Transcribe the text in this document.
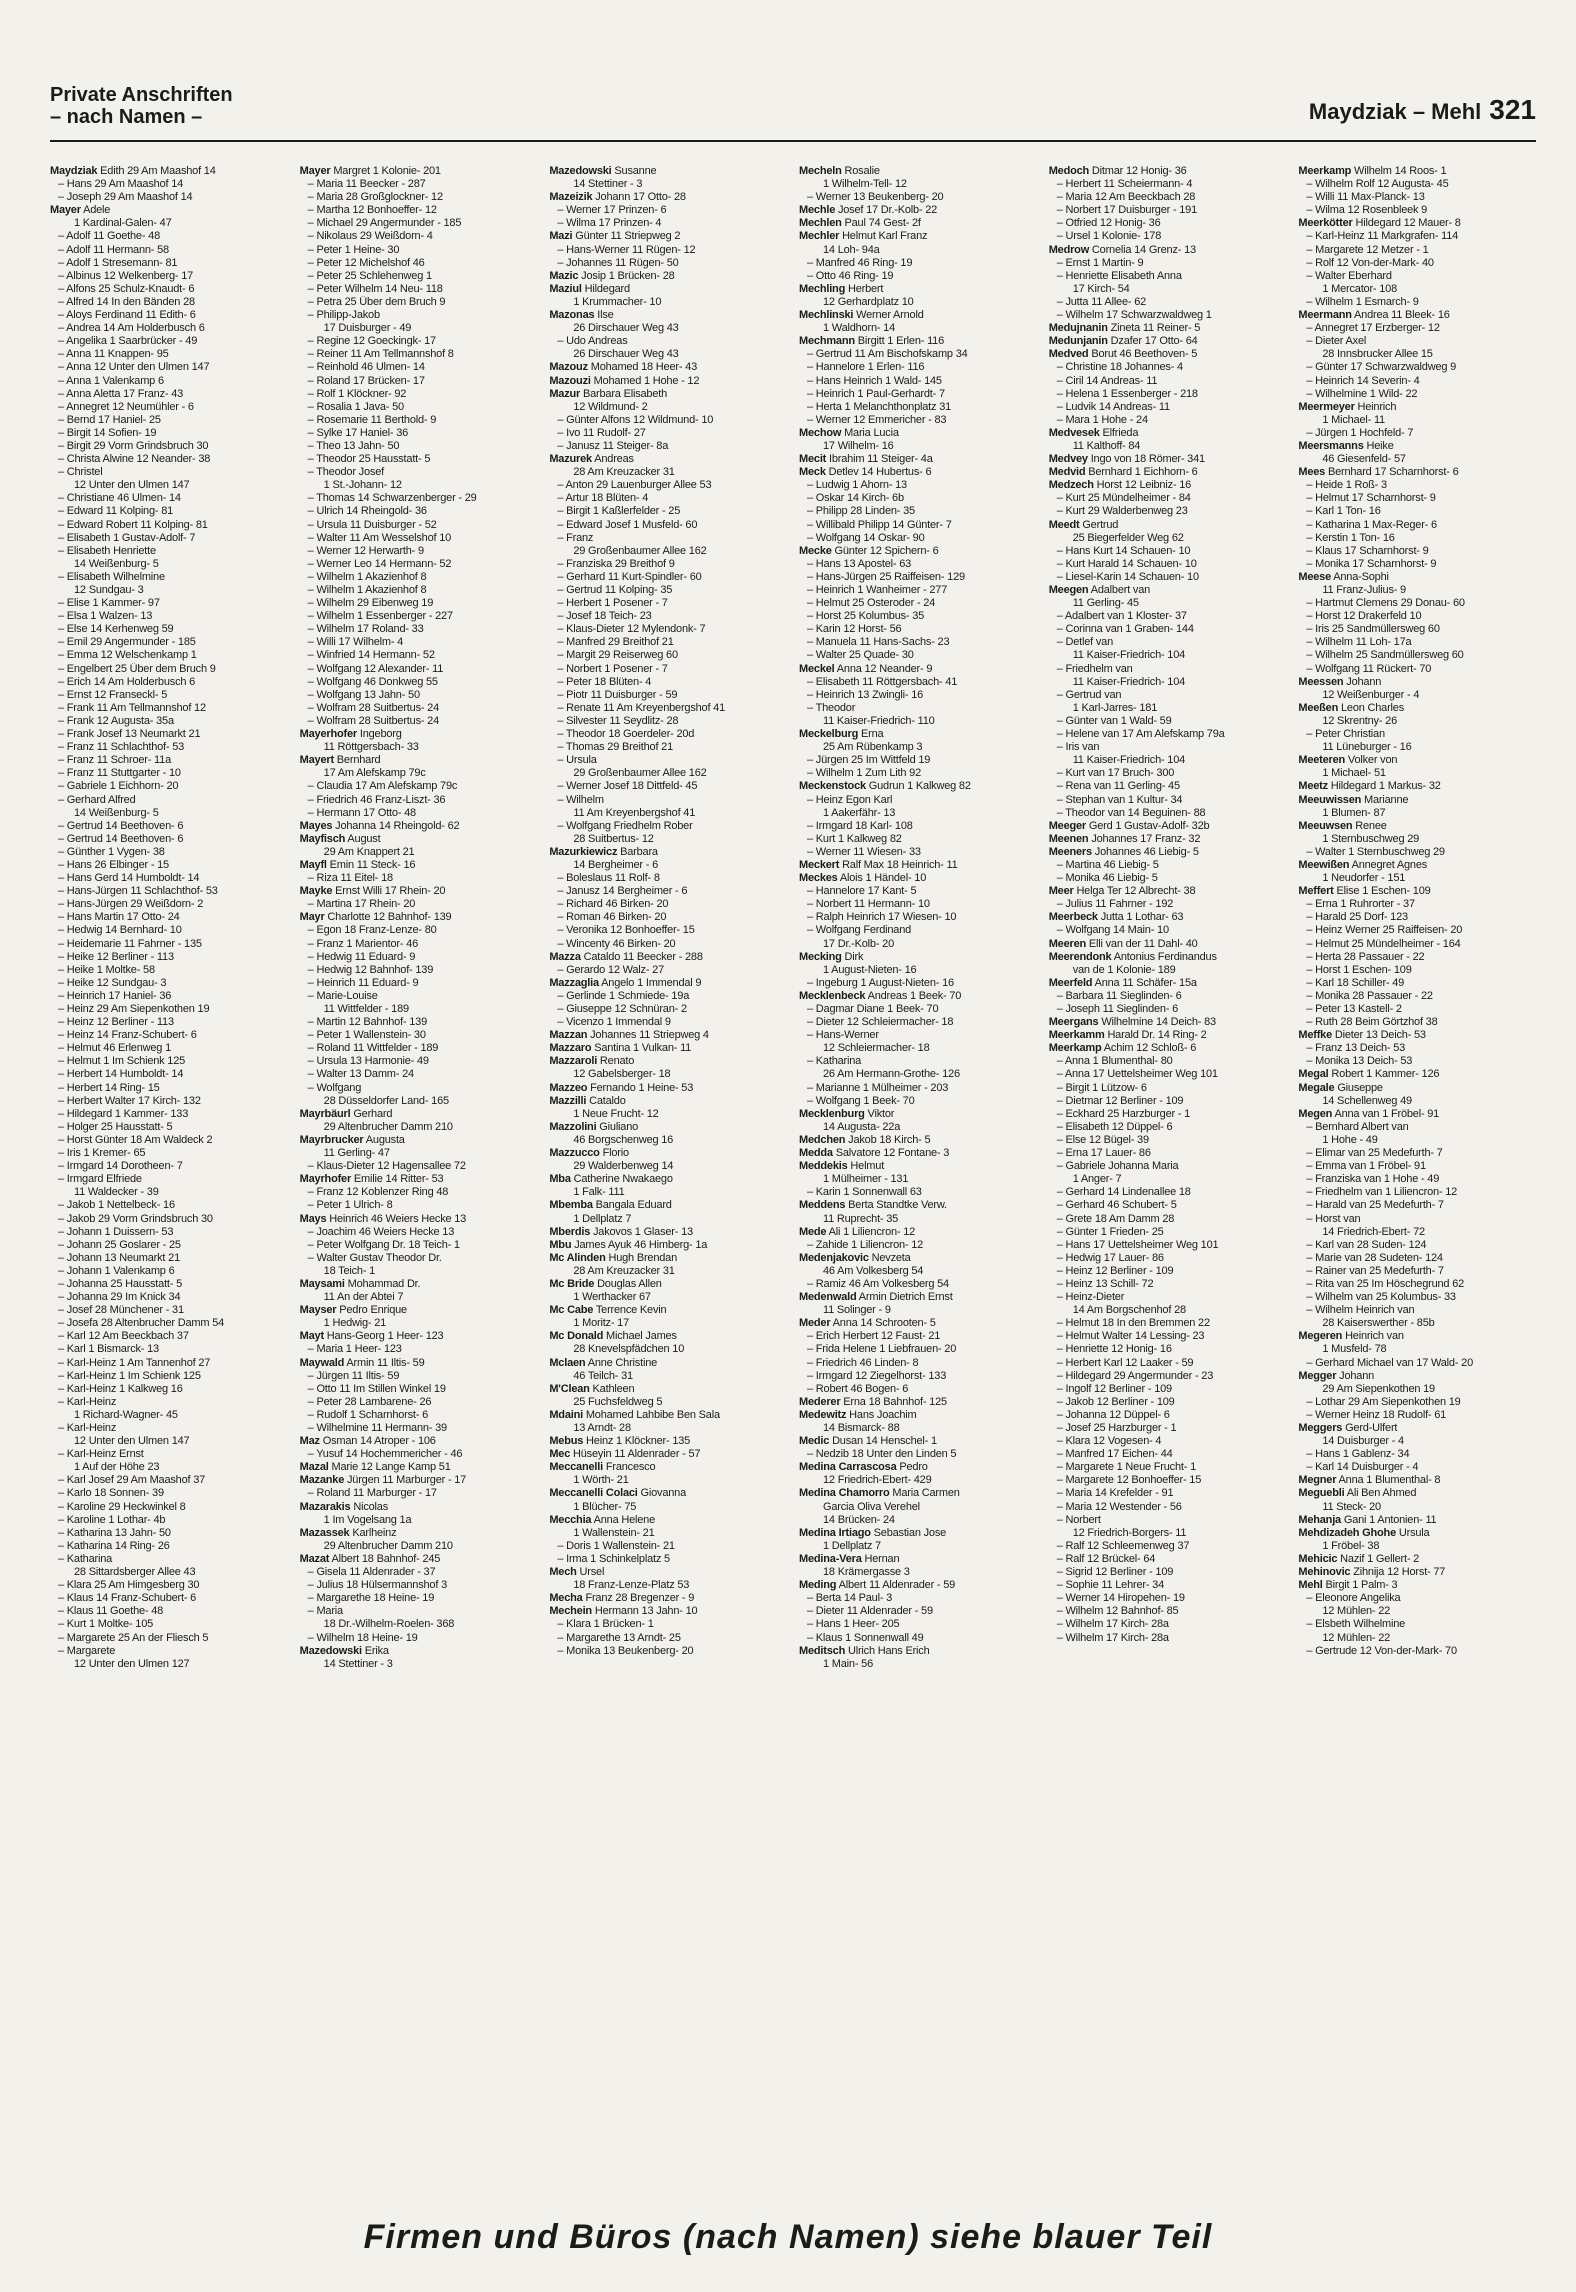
Private Anschriften
– nach Namen –	Maydziak – Mehl 321
Maydziak Edith 29 Am Maashof 14
– Hans 29 Am Maashof 14
– Joseph 29 Am Maashof 14
Mayer Adele
1 Kardinal-Galen- 47
– Adolf 11 Goethe- 48
– Adolf 11 Hermann- 58
– Adolf 1 Stresemann- 81
– Albinus 12 Welkenberg- 17
– Alfons 25 Schulz-Knaudt- 6
– Alfred 14 In den Bänden 28
– Aloys Ferdinand 11 Edith- 6
– Andrea 14 Am Holderbusch 6
– Angelika 1 Saarbrücker - 49
– Anna 11 Knappen- 95
– Anna 12 Unter den Ulmen 147
– Anna 1 Valenkamp 6
– Anna Aletta 17 Franz- 43
– Annegret 12 Neumühler - 6
– Bernd 17 Haniel- 25
– Birgit 14 Sofien- 19
– Birgit 29 Vorm Grindsbruch 30
– Christa Alwine 12 Neander- 38
– Christel
12 Unter den Ulmen 147
– Christiane 46 Ulmen- 14
– Edward 11 Kolping- 81
– Edward Robert 11 Kolping- 81
– Elisabeth 1 Gustav-Adolf- 7
– Elisabeth Henriette
14 Weißenburg- 5
– Elisabeth Wilhelmine
12 Sundgau- 3
– Elise 1 Kammer- 97
– Elsa 1 Walzen- 13
– Else 14 Kerhenweg 59
– Emil 29 Angermunder - 185
– Emma 12 Welschenkamp 1
– Engelbert 25 Über dem Bruch 9
– Erich 14 Am Holderbusch 6
– Ernst 12 Franseckl- 5
– Frank 11 Am Tellmannshof 12
– Frank 12 Augusta- 35a
– Frank Josef 13 Neumarkt 21
– Franz 11 Schlachthof- 53
– Franz 11 Schroer- 11a
– Franz 11 Stuttgarter - 10
– Gabriele 1 Eichhorn- 20
– Gerhard Alfred
14 Weißenburg- 5
– Gertrud 14 Beethoven- 6
– Gertrud 14 Beethoven- 6
– Günther 1 Vygen- 38
– Hans 26 Elbinger - 15
– Hans Gerd 14 Humboldt- 14
– Hans-Jürgen 11 Schlachthof- 53
– Hans-Jürgen 29 Weißdorn- 2
– Hans Martin 17 Otto- 24
– Hedwig 14 Bernhard- 10
– Heidemarie 11 Fahrner - 135
– Heike 12 Berliner - 113
– Heike 1 Moltke- 58
– Heike 12 Sundgau- 3
– Heinrich 17 Haniel- 36
– Heinz 29 Am Siepenkothen 19
– Heinz 12 Berliner - 113
– Heinz 14 Franz-Schubert- 6
– Helmut 46 Erlenweg 1
– Helmut 1 Im Schienk 125
– Herbert 14 Humboldt- 14
– Herbert 14 Ring- 15
– Herbert Walter 17 Kirch- 132
– Hildegard 1 Kammer- 133
– Holger 25 Hausstatt- 5
– Horst Günter 18 Am Waldeck 2
– Iris 1 Kremer- 65
– Irmgard 14 Dorotheen- 7
– Irmgard Elfriede
11 Waldecker - 39
– Jakob 1 Nettelbeck- 16
– Jakob 29 Vorm Grindsbruch 30
– Johann 1 Duissern- 53
– Johann 25 Goslarer - 25
– Johann 13 Neumarkt 21
– Johann 1 Valenkamp 6
– Johanna 25 Hausstatt- 5
– Johanna 29 Im Knick 34
– Josef 28 Münchener - 31
– Josefa 28 Altenbrucher Damm 54
– Karl 12 Am Beeckbach 37
– Karl 1 Bismarck- 13
– Karl-Heinz 1 Am Tannenhof 27
– Karl-Heinz 1 Im Schienk 125
– Karl-Heinz 1 Kalkweg 16
– Karl-Heinz
1 Richard-Wagner- 45
– Karl-Heinz
12 Unter den Ulmen 147
– Karl-Heinz Ernst
1 Auf der Höhe 23
– Karl Josef 29 Am Maashof 37
– Karlo 18 Sonnen- 39
– Karoline 29 Heckwinkel 8
– Karoline 1 Lothar- 4b
– Katharina 13 Jahn- 50
– Katharina 14 Ring- 26
– Katharina
28 Sittardsberger Allee 43
– Klara 25 Am Himgesberg 30
– Klaus 14 Franz-Schubert- 6
– Klaus 11 Goethe- 48
– Kurt 1 Moltke- 105
– Margarete 25 An der Fliesch 5
– Margarete
12 Unter den Ulmen 127
Mayer Margret 1 Kolonie- 201
– Maria 11 Beecker - 287
– Maria 28 Großglockner- 12
– Martha 12 Bonhoeffer- 12
– Michael 29 Angermunder - 185
– Nikolaus 29 Weißdorn- 4
– Peter 1 Heine- 30
– Peter 12 Michelshof 46
– Peter 25 Schlehenweg 1
– Peter Wilhelm 14 Neu- 118
– Petra 25 Über dem Bruch 9
– Philipp-Jakob
17 Duisburger - 49
– Regine 12 Goeckingk- 17
– Reiner 11 Am Tellmannshof 8
– Reinhold 46 Ulmen- 14
– Roland 17 Brücken- 17
– Rolf 1 Klöckner- 92
– Rosalia 1 Java- 50
– Rosemarie 11 Berthold- 9
– Sylke 17 Haniel- 36
– Theo 13 Jahn- 50
– Theodor 25 Hausstatt- 5
– Theodor Josef
1 St.-Johann- 12
– Thomas 14 Schwarzenberger - 29
– Ulrich 14 Rheingold- 36
– Ursula 11 Duisburger - 52
– Walter 11 Am Wesselshof 10
– Werner 12 Herwarth- 9
– Werner Leo 14 Hermann- 52
– Wilhelm 1 Akazienhof 8
– Wilhelm 1 Akazienhof 8
– Wilhelm 29 Eibenweg 19
– Wilhelm 1 Essenberger - 227
– Wilhelm 17 Roland- 33
– Willi 17 Wilhelm- 4
– Winfried 14 Hermann- 52
– Wolfgang 12 Alexander- 11
– Wolfgang 46 Donkweg 55
– Wolfgang 13 Jahn- 50
– Wolfram 28 Suitbertus- 24
– Wolfram 28 Suitbertus- 24
Mayerhofer Ingeborg
11 Röttgersbach- 33
Mayert Bernhard
17 Am Alefskamp 79c
– Claudia 17 Am Alefskamp 79c
– Friedrich 46 Franz-Liszt- 36
– Hermann 17 Otto- 48
Mayes Johanna 14 Rheingold- 62
Mayfisch August
29 Am Knappert 21
Mayfl Emin 11 Steck- 16
– Riza 11 Eitel- 18
Mayke Ernst Willi 17 Rhein- 20
– Martina 17 Rhein- 20
Mayr Charlotte 12 Bahnhof- 139
– Egon 18 Franz-Lenze- 80
– Franz 1 Marientor- 46
– Hedwig 11 Eduard- 9
– Hedwig 12 Bahnhof- 139
– Heinrich 11 Eduard- 9
– Marie-Louise
11 Wittfelder - 189
– Martin 12 Bahnhof- 139
– Peter 1 Wallenstein- 30
– Roland 11 Wittfelder - 189
– Ursula 13 Harmonie- 49
– Walter 13 Damm- 24
– Wolfgang
28 Düsseldorfer Land- 165
Mayrbäurl Gerhard
29 Altenbrucher Damm 210
Mayrbrucker Augusta
11 Gerling- 47
– Klaus-Dieter 12 Hagensallee 72
Mayrhofer Emilie 14 Ritter- 53
– Franz 12 Koblenzer Ring 48
– Peter 1 Ulrich- 8
Mays Heinrich 46 Weiers Hecke 13
– Joachim 46 Weiers Hecke 13
– Peter Wolfgang Dr. 18 Teich- 1
– Walter Gustav Theodor Dr.
18 Teich- 1
Maysami Mohammad Dr.
11 An der Abtei 7
Mayser Pedro Enrique
1 Hedwig- 21
Mayt Hans-Georg 1 Heer- 123
– Maria 1 Heer- 123
Maywald Armin 11 Iltis- 59
– Jürgen 11 Iltis- 59
– Otto 11 Im Stillen Winkel 19
– Peter 28 Lambarene- 26
– Rudolf 1 Scharnhorst- 6
– Wilhelmine 11 Hermann- 39
Maz Osman 14 Atroper - 106
– Yusuf 14 Hochemmericher - 46
Mazal Marie 12 Lange Kamp 51
Mazanke Jürgen 11 Marburger - 17
– Roland 11 Marburger - 17
Mazarakis Nicolas
1 Im Vogelsang 1a
Mazassek Karlheinz
29 Altenbrucher Damm 210
Mazat Albert 18 Bahnhof- 245
– Gisela 11 Aldenrader - 37
– Julius 18 Hülsermannshof 3
– Margarethe 18 Heine- 19
– Maria
18 Dr.-Wilhelm-Roelen- 368
– Wilhelm 18 Heine- 19
Mazedowski Erika
14 Stettiner - 3
Mazedowski Susanne
14 Stettiner - 3
Mazeizik Johann 17 Otto- 28
– Werner 17 Prinzen- 6
– Wilma 17 Prinzen- 4
Mazi Günter 11 Striepweg 2
– Hans-Werner 11 Rügen- 12
– Johannes 11 Rügen- 50
Mazic Josip 1 Brücken- 28
Maziul Hildegard
1 Krummacher- 10
Mazonas Ilse
26 Dirschauer Weg 43
– Udo Andreas
26 Dirschauer Weg 43
Mazouz Mohamed 18 Heer- 43
Mazouzi Mohamed 1 Hohe - 12
Mazur Barbara Elisabeth
12 Wildmund- 2
– Günter Alfons 12 Wildmund- 10
– Ivo 11 Rudolf- 27
– Janusz 11 Steiger- 8a
Mazurek Andreas
28 Am Kreuzacker 31
– Anton 29 Lauenburger Allee 53
– Artur 18 Blüten- 4
– Birgit 1 Kaßlerfelder - 25
– Edward Josef 1 Musfeld- 60
– Franz
29 Großenbaumer Allee 162
– Franziska 29 Breithof 9
– Gerhard 11 Kurt-Spindler- 60
– Gertrud 11 Kolping- 35
– Herbert 1 Posener - 7
– Josef 18 Teich- 23
– Klaus-Dieter 12 Mylendonk- 7
– Manfred 29 Breithof 21
– Margit 29 Reiserweg 60
– Norbert 1 Posener - 7
– Peter 18 Blüten- 4
– Piotr 11 Duisburger - 59
– Renate 11 Am Kreyenbergshof 41
– Silvester 11 Seydlitz- 28
– Theodor 18 Goerdeler- 20d
– Thomas 29 Breithof 21
– Ursula
29 Großenbaumer Allee 162
– Werner Josef 18 Dittfeld- 45
– Wilhelm
11 Am Kreyenbergshof 41
– Wolfgang Friedhelm Rober
28 Suitbertus- 12
Mazurkiewicz Barbara
14 Bergheimer - 6
– Boleslaus 11 Rolf- 8
– Janusz 14 Bergheimer - 6
– Richard 46 Birken- 20
– Roman 46 Birken- 20
– Veronika 12 Bonhoeffer- 15
– Wincenty 46 Birken- 20
Mazza Cataldo 11 Beecker - 288
– Gerardo 12 Walz- 27
Mazzaglia Angelo 1 Immendal 9
– Gerlinde 1 Schmiede- 19a
– Giuseppe 12 Schnüran- 2
– Vicenzo 1 Immendal 9
Mazzan Johannes 11 Striepweg 4
Mazzaro Santina 1 Vulkan- 11
Mazzaroli Renato
12 Gabelsberger- 18
Mazzeo Fernando 1 Heine- 53
Mazzilli Cataldo
1 Neue Frucht- 12
Mazzolini Giuliano
46 Borgschenweg 16
Mazzucco Florio
29 Walderbenweg 14
Mba Catherine Nwakaego
1 Falk- 111
Mbemba Bangala Eduard
1 Dellplatz 7
Mberdis Jakovos 1 Glaser- 13
Mbu James Ayuk 46 Himberg- 1a
Mc Alinden Hugh Brendan
28 Am Kreuzacker 31
Mc Bride Douglas Allen
1 Werthacker 67
Mc Cabe Terrence Kevin
1 Moritz- 17
Mc Donald Michael James
28 Knevelspfädchen 10
Mclaen Anne Christine
46 Teilch- 31
M'Clean Kathleen
25 Fuchsfeldweg 5
Mdaini Mohamed Lahbibe Ben Sala
13 Arndt- 28
Mebus Heinz 1 Klöckner- 135
Mec Hüseyin 11 Aldenrader - 57
Meccanelli Francesco
1 Wörth- 21
Meccanelli Colaci Giovanna
1 Blücher- 75
Mecchia Anna Helene
1 Wallenstein- 21
– Doris 1 Wallenstein- 21
– Irma 1 Schinkelplatz 5
Mech Ursel
18 Franz-Lenze-Platz 53
Mecha Franz 28 Bregenzer - 9
Mechein Hermann 13 Jahn- 10
– Klara 1 Brücken- 1
– Margarethe 13 Arndt- 25
– Monika 13 Beukenberg- 20
Mecheln Rosalie
1 Wilhelm-Tell- 12
– Werner 13 Beukenberg- 20
Mechle Josef 17 Dr.-Kolb- 22
Mechlen Paul 74 Gest- 2f
Mechler Helmut Karl Franz
14 Loh- 94a
– Manfred 46 Ring- 19
– Otto 46 Ring- 19
Mechling Herbert
12 Gerhardplatz 10
Mechlinski Werner Arnold
1 Waldhorn- 14
Mechmann Birgitt 1 Erlen- 116
– Gertrud 11 Am Bischofskamp 34
– Hannelore 1 Erlen- 116
– Hans Heinrich 1 Wald- 145
– Heinrich 1 Paul-Gerhardt- 7
– Herta 1 Melanchthonplatz 31
– Werner 12 Emmericher - 83
Mechow Maria Lucia
17 Wilhelm- 16
Mecit Ibrahim 11 Steiger- 4a
Meck Detlev 14 Hubertus- 6
– Ludwig 1 Ahorn- 13
– Oskar 14 Kirch- 6b
– Philipp 28 Linden- 35
– Willibald Philipp 14 Günter- 7
– Wolfgang 14 Oskar- 90
Mecke Günter 12 Spichern- 6
– Hans 13 Apostel- 63
– Hans-Jürgen 25 Raiffeisen- 129
– Heinrich 1 Wanheimer - 277
– Helmut 25 Osteroder - 24
– Horst 25 Kolumbus- 35
– Karin 12 Horst- 56
– Manuela 11 Hans-Sachs- 23
– Walter 25 Quade- 30
Meckel Anna 12 Neander- 9
– Elisabeth 11 Röttgersbach- 41
– Heinrich 13 Zwingli- 16
– Theodor
11 Kaiser-Friedrich- 110
Meckelburg Erna
25 Am Rübenkamp 3
– Jürgen 25 Im Wittfeld 19
– Wilhelm 1 Zum Lith 92
Meckenstock Gudrun 1 Kalkweg 82
– Heinz Egon Karl
1 Aakerfähr- 13
– Irmgard 18 Karl- 108
– Kurt 1 Kalkweg 82
– Werner 11 Wiesen- 33
Meckert Ralf Max 18 Heinrich- 11
Meckes Alois 1 Händel- 10
– Hannelore 17 Kant- 5
– Norbert 11 Hermann- 10
– Ralph Heinrich 17 Wiesen- 10
– Wolfgang Ferdinand
17 Dr.-Kolb- 20
Mecking Dirk
1 August-Nieten- 16
– Ingeburg 1 August-Nieten- 16
Mecklenbeck Andreas 1 Beek- 70
– Dagmar Diane 1 Beek- 70
– Dieter 12 Schleiermacher- 18
– Hans-Werner
12 Schleiermacher- 18
– Katharina
26 Am Hermann-Grothe- 126
– Marianne 1 Mülheimer - 203
– Wolfgang 1 Beek- 70
Mecklenburg Viktor
14 Augusta- 22a
Medchen Jakob 18 Kirch- 5
Medda Salvatore 12 Fontane- 3
Meddekis Helmut
1 Mülheimer - 131
– Karin 1 Sonnenwall 63
Meddens Berta Standtke Verw.
11 Ruprecht- 35
Mede Ali 1 Liliencron- 12
– Zahide 1 Liliencron- 12
Medenjakovic Nevzeta
46 Am Volkesberg 54
– Ramiz 46 Am Volkesberg 54
Medenwald Armin Dietrich Ernst
11 Solinger - 9
Meder Anna 14 Schrooten- 5
– Erich Herbert 12 Faust- 21
– Frida Helene 1 Liebfrauen- 20
– Friedrich 46 Linden- 8
– Irmgard 12 Ziegelhorst- 133
– Robert 46 Bogen- 6
Mederer Erna 18 Bahnhof- 125
Medewitz Hans Joachim
14 Bismarck- 88
Medic Dusan 14 Henschel- 1
– Nedzib 18 Unter den Linden 5
Medina Carrascosa Pedro
12 Friedrich-Ebert- 429
Medina Chamorro Maria Carmen
Garcia Oliva Verehel
14 Brücken- 24
Medina Irtiago Sebastian Jose
1 Dellplatz 7
Medina-Vera Hernan
18 Krämergasse 3
Meding Albert 11 Aldenrader - 59
– Berta 14 Paul- 3
– Dieter 11 Aldenrader - 59
– Hans 1 Heer- 205
– Klaus 1 Sonnenwall 49
Meditsch Ulrich Hans Erich
1 Main- 56
Medoch Ditmar 12 Honig- 36
– Herbert 11 Scheiermann- 4
– Maria 12 Am Beeckbach 28
– Norbert 17 Duisburger - 191
– Otfried 12 Honig- 36
– Ursel 1 Kolonie- 178
Medrow Cornelia 14 Grenz- 13
– Ernst 1 Martin- 9
– Henriette Elisabeth Anna
17 Kirch- 54
– Jutta 11 Allee- 62
– Wilhelm 17 Schwarzwaldweg 1
Medujnanin Zineta 11 Reiner- 5
Medunjanin Dzafer 17 Otto- 64
Medved Borut 46 Beethoven- 5
– Christine 18 Johannes- 4
– Ciril 14 Andreas- 11
– Helena 1 Essenberger - 218
– Ludvik 14 Andreas- 11
– Mara 1 Hohe - 24
Medvesek Elfrieda
11 Kalthoff- 84
Medvey Ingo von 18 Römer- 341
Medvid Bernhard 1 Eichhorn- 6
Medzech Horst 12 Leibniz- 16
– Kurt 25 Mündelheimer - 84
– Kurt 29 Walderbenweg 23
Meedt Gertrud
25 Biegerfelder Weg 62
– Hans Kurt 14 Schauen- 10
– Kurt Harald 14 Schauen- 10
– Liesel-Karin 14 Schauen- 10
Meegen Adalbert van
11 Gerling- 45
– Adalbert van 1 Kloster- 37
– Corinna van 1 Graben- 144
– Detlef van
11 Kaiser-Friedrich- 104
– Friedhelm van
11 Kaiser-Friedrich- 104
– Gertrud van
1 Karl-Jarres- 181
– Günter van 1 Wald- 59
– Helene van 17 Am Alefskamp 79a
– Iris van
11 Kaiser-Friedrich- 104
– Kurt van 17 Bruch- 300
– Rena van 11 Gerling- 45
– Stephan van 1 Kultur- 34
– Theodor van 14 Beguinen- 88
Meeger Gerd 1 Gustav-Adolf- 32b
Meenen Johannes 17 Franz- 32
Meeners Johannes 46 Liebig- 5
– Martina 46 Liebig- 5
– Monika 46 Liebig- 5
Meer Helga Ter 12 Albrecht- 38
– Julius 11 Fahrner - 192
Meerbeck Jutta 1 Lothar- 63
– Wolfgang 14 Main- 10
Meeren Elli van der 11 Dahl- 40
Meerendonk Antonius Ferdinandus
van de 1 Kolonie- 189
Meerfeld Anna 11 Schäfer- 15a
– Barbara 11 Sieglinden- 6
– Joseph 11 Sieglinden- 6
Meergans Wilhelmine 14 Deich- 83
Meerkamm Harald Dr. 14 Ring- 2
Meerkamp Achim 12 Schloß- 6
– Anna 1 Blumenthal- 80
– Anna 17 Uettelsheimer Weg 101
– Birgit 1 Lützow- 6
– Dietmar 12 Berliner - 109
– Eckhard 25 Harzburger - 1
– Elisabeth 12 Düppel- 6
– Else 12 Bügel- 39
– Erna 17 Lauer- 86
– Gabriele Johanna Maria
1 Anger- 7
– Gerhard 14 Lindenallee 18
– Gerhard 46 Schubert- 5
– Grete 18 Am Damm 28
– Günter 1 Frieden- 25
– Hans 17 Uettelsheimer Weg 101
– Hedwig 17 Lauer- 86
– Heinz 12 Berliner - 109
– Heinz 13 Schill- 72
– Heinz-Dieter
14 Am Borgschenhof 28
– Helmut 18 In den Bremmen 22
– Helmut Walter 14 Lessing- 23
– Henriette 12 Honig- 16
– Herbert Karl 12 Laaker - 59
– Hildegard 29 Angermunder - 23
– Ingolf 12 Berliner - 109
– Jakob 12 Berliner - 109
– Johanna 12 Düppel- 6
– Josef 25 Harzburger - 1
– Klara 12 Vogesen- 4
– Manfred 17 Eichen- 44
– Margarete 1 Neue Frucht- 1
– Margarete 12 Bonhoeffer- 15
– Maria 14 Krefelder - 91
– Maria 12 Westender - 56
– Norbert
12 Friedrich-Borgers- 11
– Ralf 12 Schleemenweg 37
– Ralf 12 Brückel- 64
– Sigrid 12 Berliner - 109
– Sophie 11 Lehrer- 34
– Werner 14 Hiropehen- 19
– Wilhelm 12 Bahnhof- 85
– Wilhelm 17 Kirch- 28a
– Wilhelm 17 Kirch- 28a
Meerkamp Wilhelm 14 Roos- 1
– Wilhelm Rolf 12 Augusta- 45
– Willi 11 Max-Planck- 13
– Wilma 12 Rosenbleek 9
Meerkötter Hildegard 12 Mauer- 8
– Karl-Heinz 11 Markgrafen- 114
– Margarete 12 Metzer - 1
– Rolf 12 Von-der-Mark- 40
– Walter Eberhard
1 Mercator- 108
– Wilhelm 1 Esmarch- 9
Meermann Andrea 11 Bleek- 16
– Annegret 17 Erzberger- 12
– Dieter Axel
28 Innsbrucker Allee 15
– Günter 17 Schwarzwaldweg 9
– Heinrich 14 Severin- 4
– Wilhelmine 1 Wild- 22
Meermeyer Heinrich
1 Michael- 11
– Jürgen 1 Hochfeld- 7
Meersmanns Heike
46 Giesenfeld- 57
Mees Bernhard 17 Scharnhorst- 6
– Heide 1 Roß- 3
– Helmut 17 Scharnhorst- 9
– Karl 1 Ton- 16
– Katharina 1 Max-Reger- 6
– Kerstin 1 Ton- 16
– Klaus 17 Scharnhorst- 9
– Monika 17 Scharnhorst- 9
Meese Anna-Sophi
11 Franz-Julius- 9
– Hartmut Clemens 29 Donau- 60
– Horst 12 Drakerfeld 10
– Iris 25 Sandmüllersweg 60
– Wilhelm 11 Loh- 17a
– Wilhelm 25 Sandmüllersweg 60
– Wolfgang 11 Rückert- 70
Meessen Johann
12 Weißenburger - 4
Meeßen Leon Charles
12 Skrentny- 26
– Peter Christian
11 Lüneburger - 16
Meeteren Volker von
1 Michael- 51
Meetz Hildegard 1 Markus- 32
Meeuwissen Marianne
1 Blumen- 87
Meeuwsen Renee
1 Sternbuschweg 29
– Walter 1 Sternbuschweg 29
Meewißen Annegret Agnes
1 Neudorfer - 151
Meffert Elise 1 Eschen- 109
– Erna 1 Ruhrorter - 37
– Harald 25 Dorf- 123
– Heinz Werner 25 Raiffeisen- 20
– Helmut 25 Mündelheimer - 164
– Herta 28 Passauer - 22
– Horst 1 Eschen- 109
– Karl 18 Schiller- 49
– Monika 28 Passauer - 22
– Peter 13 Kastell- 2
– Ruth 28 Beim Görtzhof 38
Meffke Dieter 13 Deich- 53
– Franz 13 Deich- 53
– Monika 13 Deich- 53
Megal Robert 1 Kammer- 126
Megale Giuseppe
14 Schellenweg 49
Megen Anna van 1 Fröbel- 91
– Bernhard Albert van
1 Hohe - 49
– Elimar van 25 Medefurth- 7
– Emma van 1 Fröbel- 91
– Franziska van 1 Hohe - 49
– Friedhelm van 1 Liliencron- 12
– Harald van 25 Medefurth- 7
– Horst van
14 Friedrich-Ebert- 72
– Karl van 28 Suden- 124
– Marie van 28 Sudeten- 124
– Rainer van 25 Medefurth- 7
– Rita van 25 Im Höschegrund 62
– Wilhelm van 25 Kolumbus- 33
– Wilhelm Heinrich van
28 Kaiserswerther - 85b
Megeren Heinrich van
1 Musfeld- 78
– Gerhard Michael van 17 Wald- 20
Megger Johann
29 Am Siepenkothen 19
– Lothar 29 Am Siepenkothen 19
– Werner Heinz 18 Rudolf- 61
Meggers Gerd-Ulfert
14 Duisburger - 4
– Hans 1 Gablenz- 34
– Karl 14 Duisburger - 4
Megner Anna 1 Blumenthal- 8
Meguebli Ali Ben Ahmed
11 Steck- 20
Mehanja Gani 1 Antonien- 11
Mehdizadeh Ghohe Ursula
1 Fröbel- 38
Mehicic Nazif 1 Gellert- 2
Mehinovic Zihnija 12 Horst- 77
Mehl Birgit 1 Palm- 3
– Eleonore Angelika
12 Mühlen- 22
– Elsbeth Wilhelmine
12 Mühlen- 22
– Gertrude 12 Von-der-Mark- 70
Firmen und Büros (nach Namen) siehe blauer Teil
